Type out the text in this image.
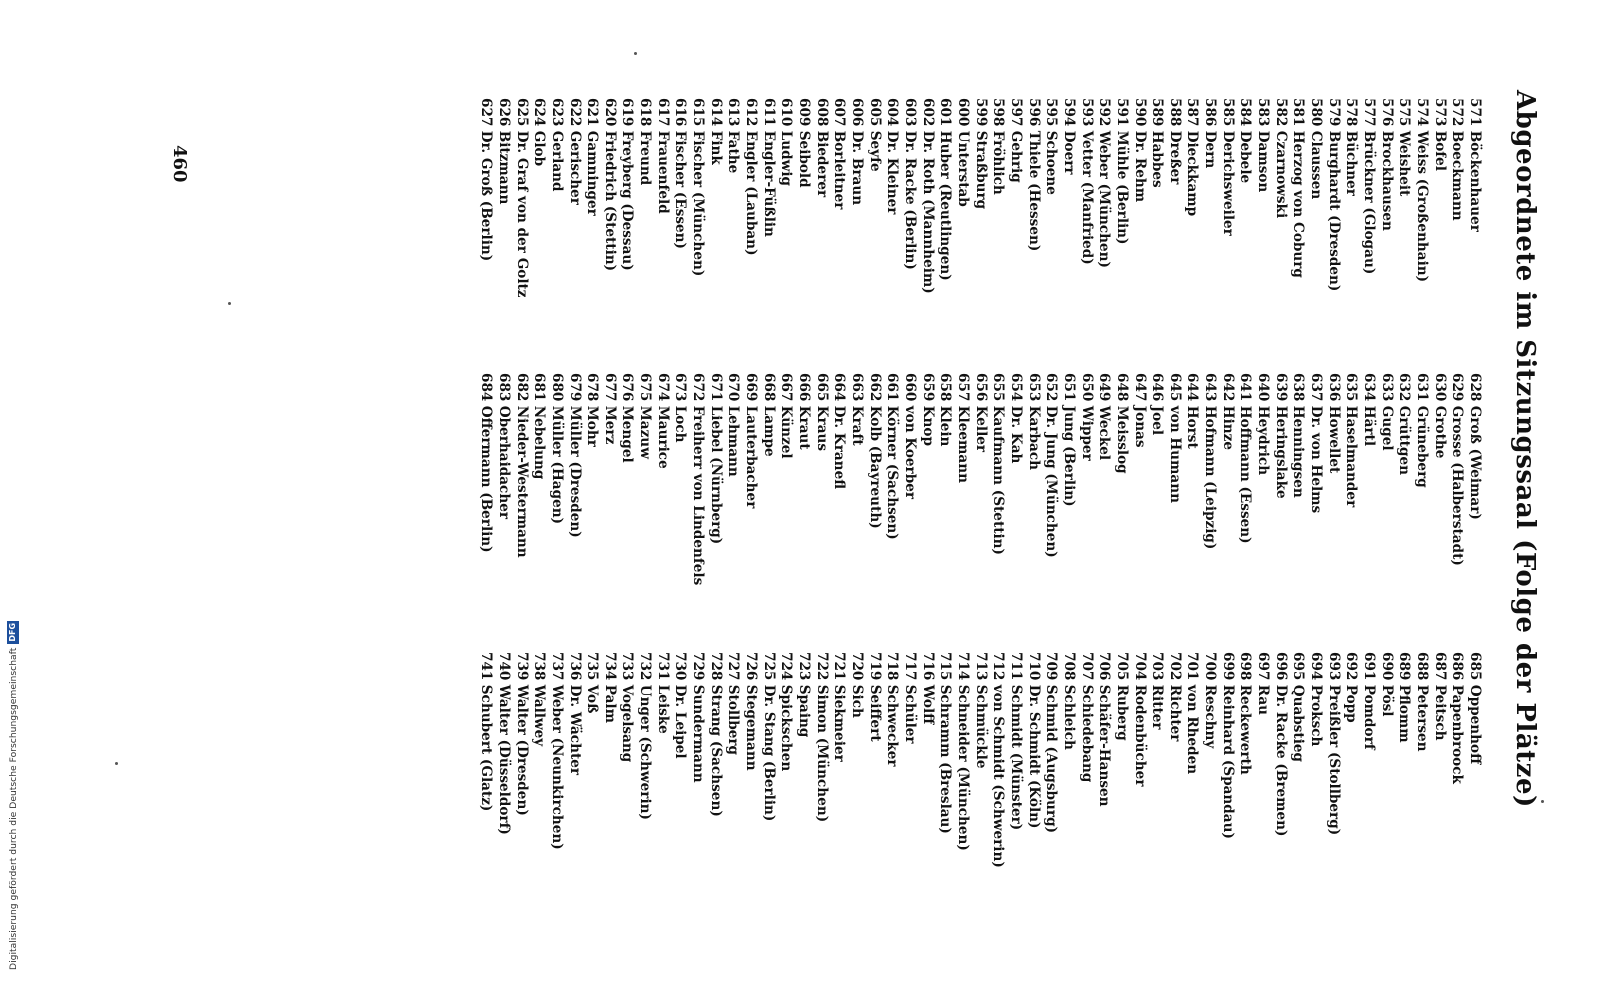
Abgeordnete im Sitzungssaal (Folge der Plätze)
571 Böckenhauer
572 Boeckmann
573 Bofel
574 Weiss (Großenhain)
575 Weisheit
576 Brockhausen
577 Brückner (Glogau)
578 Büchner
579 Burghardt (Dresden)
580 Claussen
581 Herzog von Coburg
582 Czarnowski
583 Damson
584 Debele
585 Derichsweiler
586 Dern
587 Dieckkamp
588 Dreßer
589 Habbes
590 Dr. Rehm
591 Mühle (Berlin)
592 Weber (München)
593 Vetter (Manfried)
594 Doerr
595 Schoene
596 Thiele (Hessen)
597 Gehrig
598 Fröhlich
599 Straßburg
600 Unterstab
601 Huber (Reutlingen)
602 Dr. Roth (Mannheim)
603 Dr. Racke (Berlin)
604 Dr. Kleiner
605 Seyfe
606 Dr. Braun
607 Borleitner
608 Biederer
609 Seibold
610 Ludwig
611 Engler-Füßlin
612 Engler (Lauban)
613 Fathe
614 Fink
615 Fischer (München)
616 Fischer (Essen)
617 Frauenfeld
618 Freund
619 Freyberg (Dessau)
620 Friedrich (Stettin)
621 Gamninger
622 Gerischer
623 Gerland
624 Glob
625 Dr. Graf von der Goltz
626 Bitzmann
627 Dr. Groß (Berlin)
628 Groß (Weimar)
629 Grosse (Halberstadt)
630 Grothe
631 Grüneberg
632 Grüttgen
633 Gugel
634 Härtl
635 Haselmander
636 Howellet
637 Dr. von Helms
638 Henningsen
639 Heringslake
640 Heydrich
641 Hoffmann (Essen)
642 Hinze
643 Hofmann (Leipzig)
644 Horst
645 von Humann
646 Joel
647 Jonas
648 Meisslog
649 Weckel
650 Wipper
651 Jung (Berlin)
652 Dr. Jung (München)
653 Karbach
654 Dr. Kah
655 Kaufmann (Stettin)
656 Keller
657 Kleemann
658 Klein
659 Knop
660 von Koerber
661 Körner (Sachsen)
662 Kolb (Bayreuth)
663 Kraft
664 Dr. Kranefl
665 Kraus
666 Kraut
667 Künzel
668 Lampe
669 Lauterbacher
670 Lehmann
671 Liebel (Nürnberg)
672 Freiherr von Lindenfels
673 Loch
674 Maurice
675 Mazuw
676 Mengel
677 Merz
678 Mohr
679 Müller (Dresden)
680 Müller (Hagen)
681 Nebelung
682 Nieder-Westermann
683 Oberhaidacher
684 Offermann (Berlin)
685 Oppenhoff
686 Papenbroock
687 Peitsch
688 Petersen
689 Pflomm
690 Pösl
691 Pomdorf
692 Popp
693 Preißler (Stollberg)
694 Proksch
695 Quabstieg
696 Dr. Racke (Bremen)
697 Rau
698 Reckewerth
699 Reinhard (Spandau)
700 Reschny
701 von Rheden
702 Richter
703 Ritter
704 Rodenbücher
705 Ruberg
706 Schäfer-Hansen
707 Schiedebang
708 Schleich
709 Schmid (Augsburg)
710 Dr. Schmidt (Köln)
711 Schmidt (Münster)
712 von Schmidt (Schwerin)
713 Schmückle
714 Schneider (München)
715 Schramm (Breslau)
716 Wolff
717 Schüler
718 Schwecker
719 Seiffert
720 Sich
721 Siekmeier
722 Simon (München)
723 Spaing
724 Spickschen
725 Dr. Stang (Berlin)
726 Stegemann
727 Stollberg
728 Strang (Sachsen)
729 Sundermann
730 Dr. Leipel
731 Leiske
732 Unger (Schwerin)
733 Vogelsang
734 Palm
735 Voß
736 Dr. Wächter
737 Weber (Neunkirchen)
738 Wallwey
739 Walter (Dresden)
740 Walter (Düsseldorf)
741 Schubert (Glatz)
460
Digitalisierung gefördert durch die Deutsche Forschungsgemeinschaft
DFG
